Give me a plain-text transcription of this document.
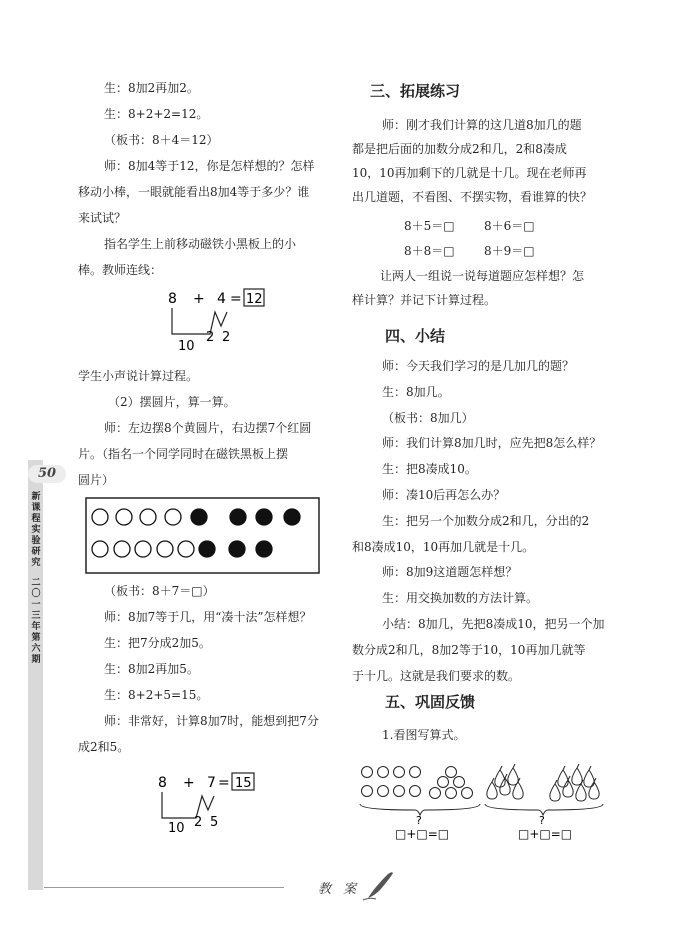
50
新
课
程
实
验
研
究
二
〇
一
三
年
第
六
期
生：8加2再加2。
生：8+2+2=12。
（板书：8＋4＝12）
师：8加4等于12，你是怎样想的？怎样
移动小棒，一眼就能看出8加4等于多少？谁
来试试？
指名学生上前移动磁铁小黑板上的小
棒。教师连线：
8 + 4 = 12
10
2 2
学生小声说计算过程。
（2）摆圆片，算一算。
师：左边摆8个黄圆片，右边摆7个红圆
片。（指名一个同学同时在磁铁黑板上摆
圆片）
（板书：8＋7＝□）
师：8加7等于几，用“凑十法”怎样想？
生：把7分成2加5。
生：8加2再加5。
生：8+2+5=15。
师：非常好，计算8加7时，能想到把7分
成2和5。
8 + 7 = 15
10 2 5
三、拓展练习
师：刚才我们计算的这几道8加几的题
都是把后面的加数分成2和几，2和8凑成
10，10再加剩下的几就是十几。现在老师再
出几道题，不看图、不摆实物，看谁算的快？
8＋5＝□ 8＋6＝□
8＋8＝□ 8＋9＝□
让两人一组说一说每道题应怎样想？怎
样计算？并记下计算过程。
四、小结
师：今天我们学习的是几加几的题？
生：8加几。
（板书：8加几）
师：我们计算8加几时，应先把8怎么样？
生：把8凑成10。
师：凑10后再怎么办？
生：把另一个加数分成2和几，分出的2
和8凑成10，10再加几就是十几。
师：8加9这道题怎样想？
生：用交换加数的方法计算。
小结：8加几，先把8凑成10，把另一个加
数分成2和几，8加2等于10，10再加几就等
于十几。这就是我们要求的数。
五、巩固反馈
1.看图写算式。
?	?
□+□=□	□+□=□
教 案
